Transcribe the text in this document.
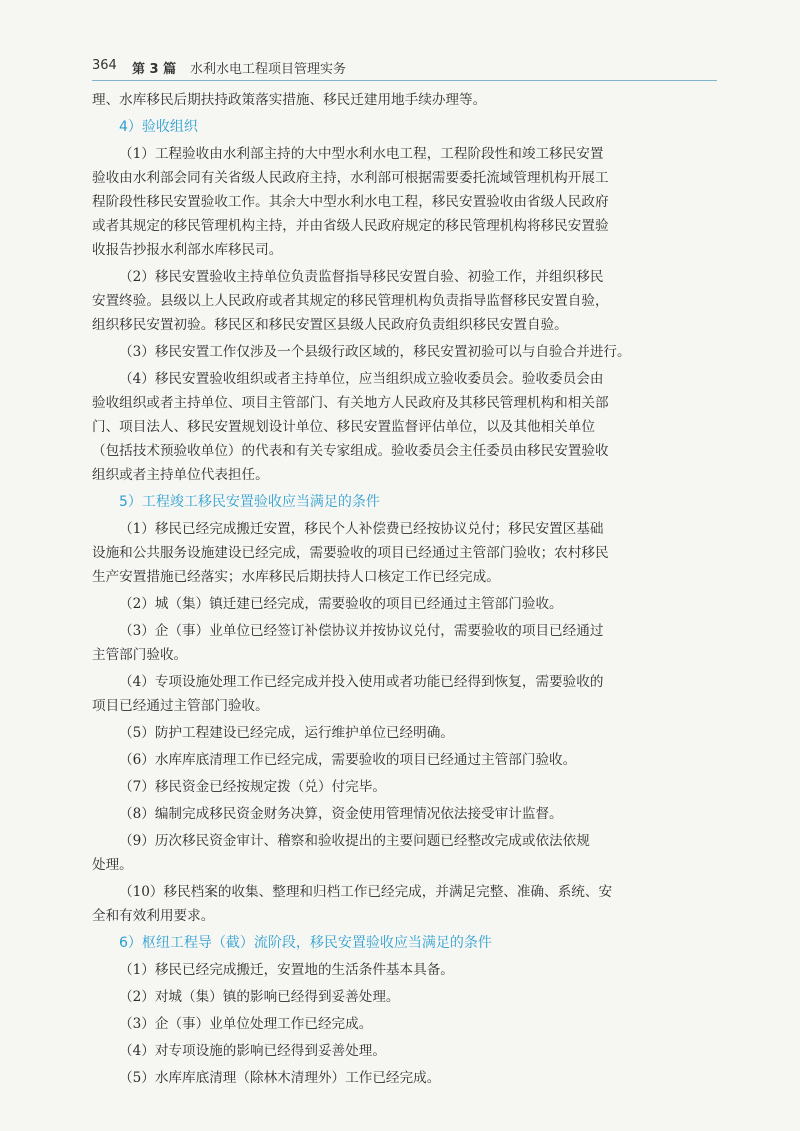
364 第 3 篇 水利水电工程项目管理实务
理、水库移民后期扶持政策落实措施、移民迁建用地手续办理等。
4）验收组织
（1）工程验收由水利部主持的大中型水利水电工程，工程阶段性和竣工移民安置
验收由水利部会同有关省级人民政府主持，水利部可根据需要委托流域管理机构开展工
程阶段性移民安置验收工作。其余大中型水利水电工程，移民安置验收由省级人民政府
或者其规定的移民管理机构主持，并由省级人民政府规定的移民管理机构将移民安置验
收报告抄报水利部水库移民司。
（2）移民安置验收主持单位负责监督指导移民安置自验、初验工作，并组织移民
安置终验。县级以上人民政府或者其规定的移民管理机构负责指导监督移民安置自验，
组织移民安置初验。移民区和移民安置区县级人民政府负责组织移民安置自验。
（3）移民安置工作仅涉及一个县级行政区域的，移民安置初验可以与自验合并进行。
（4）移民安置验收组织或者主持单位，应当组织成立验收委员会。验收委员会由
验收组织或者主持单位、项目主管部门、有关地方人民政府及其移民管理机构和相关部
门、项目法人、移民安置规划设计单位、移民安置监督评估单位，以及其他相关单位
（包括技术预验收单位）的代表和有关专家组成。验收委员会主任委员由移民安置验收
组织或者主持单位代表担任。
5）工程竣工移民安置验收应当满足的条件
（1）移民已经完成搬迁安置，移民个人补偿费已经按协议兑付；移民安置区基础
设施和公共服务设施建设已经完成，需要验收的项目已经通过主管部门验收；农村移民
生产安置措施已经落实；水库移民后期扶持人口核定工作已经完成。
（2）城（集）镇迁建已经完成，需要验收的项目已经通过主管部门验收。
（3）企（事）业单位已经签订补偿协议并按协议兑付，需要验收的项目已经通过
主管部门验收。
（4）专项设施处理工作已经完成并投入使用或者功能已经得到恢复，需要验收的
项目已经通过主管部门验收。
（5）防护工程建设已经完成，运行维护单位已经明确。
（6）水库库底清理工作已经完成，需要验收的项目已经通过主管部门验收。
（7）移民资金已经按规定拨（兑）付完毕。
（8）编制完成移民资金财务决算，资金使用管理情况依法接受审计监督。
（9）历次移民资金审计、稽察和验收提出的主要问题已经整改完成或依法依规
处理。
（10）移民档案的收集、整理和归档工作已经完成，并满足完整、准确、系统、安
全和有效利用要求。
6）枢纽工程导（截）流阶段，移民安置验收应当满足的条件
（1）移民已经完成搬迁，安置地的生活条件基本具备。
（2）对城（集）镇的影响已经得到妥善处理。
（3）企（事）业单位处理工作已经完成。
（4）对专项设施的影响已经得到妥善处理。
（5）水库库底清理（除林木清理外）工作已经完成。
